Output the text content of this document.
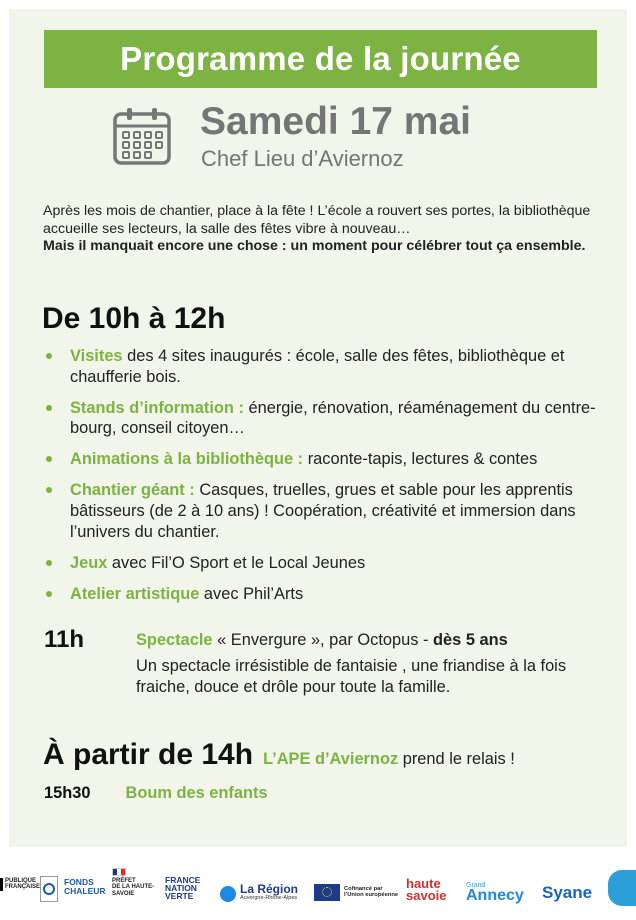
Programme de la journée
Samedi 17 mai
Chef Lieu d’Aviernoz
Après les mois de chantier, place à la fête ! L’école a rouvert ses portes, la bibliothèque accueille ses lecteurs, la salle des fêtes vibre à nouveau…
Mais il manquait encore une chose : un moment pour célébrer tout ça ensemble.
De 10h à 12h
Visites des 4 sites inaugurés : école, salle des fêtes, bibliothèque et chaufferie bois.
Stands d’information : énergie, rénovation, réaménagement du centre-bourg, conseil citoyen…
Animations à la bibliothèque : raconte-tapis, lectures & contes
Chantier géant : Casques, truelles, grues et sable pour les apprentis bâtisseurs (de 2 à 10 ans) ! Coopération, créativité et immersion dans l’univers du chantier.
Jeux avec Fil’O Sport et le Local Jeunes
Atelier artistique avec Phil’Arts
11h	Spectacle « Envergure », par Octopus - dès 5 ans
Un spectacle irrésistible de fantaisie , une friandise à la fois fraiche, douce et drôle pour toute la famille.
À partir de 14h L’APE d’Aviernoz prend le relais !
15h30 Boum des enfants
PUBLIQUE
FRANÇAISE
FONDS
CHALEUR
PRÉFET
DE LA HAUTE-
SAVOIE
FRANCE
NATION
VERTE
La Région
Auvergne-Rhône-Alpes
Cofinancé par
l’Union européenne
haute
savoie
Grand
Annecy Syane
